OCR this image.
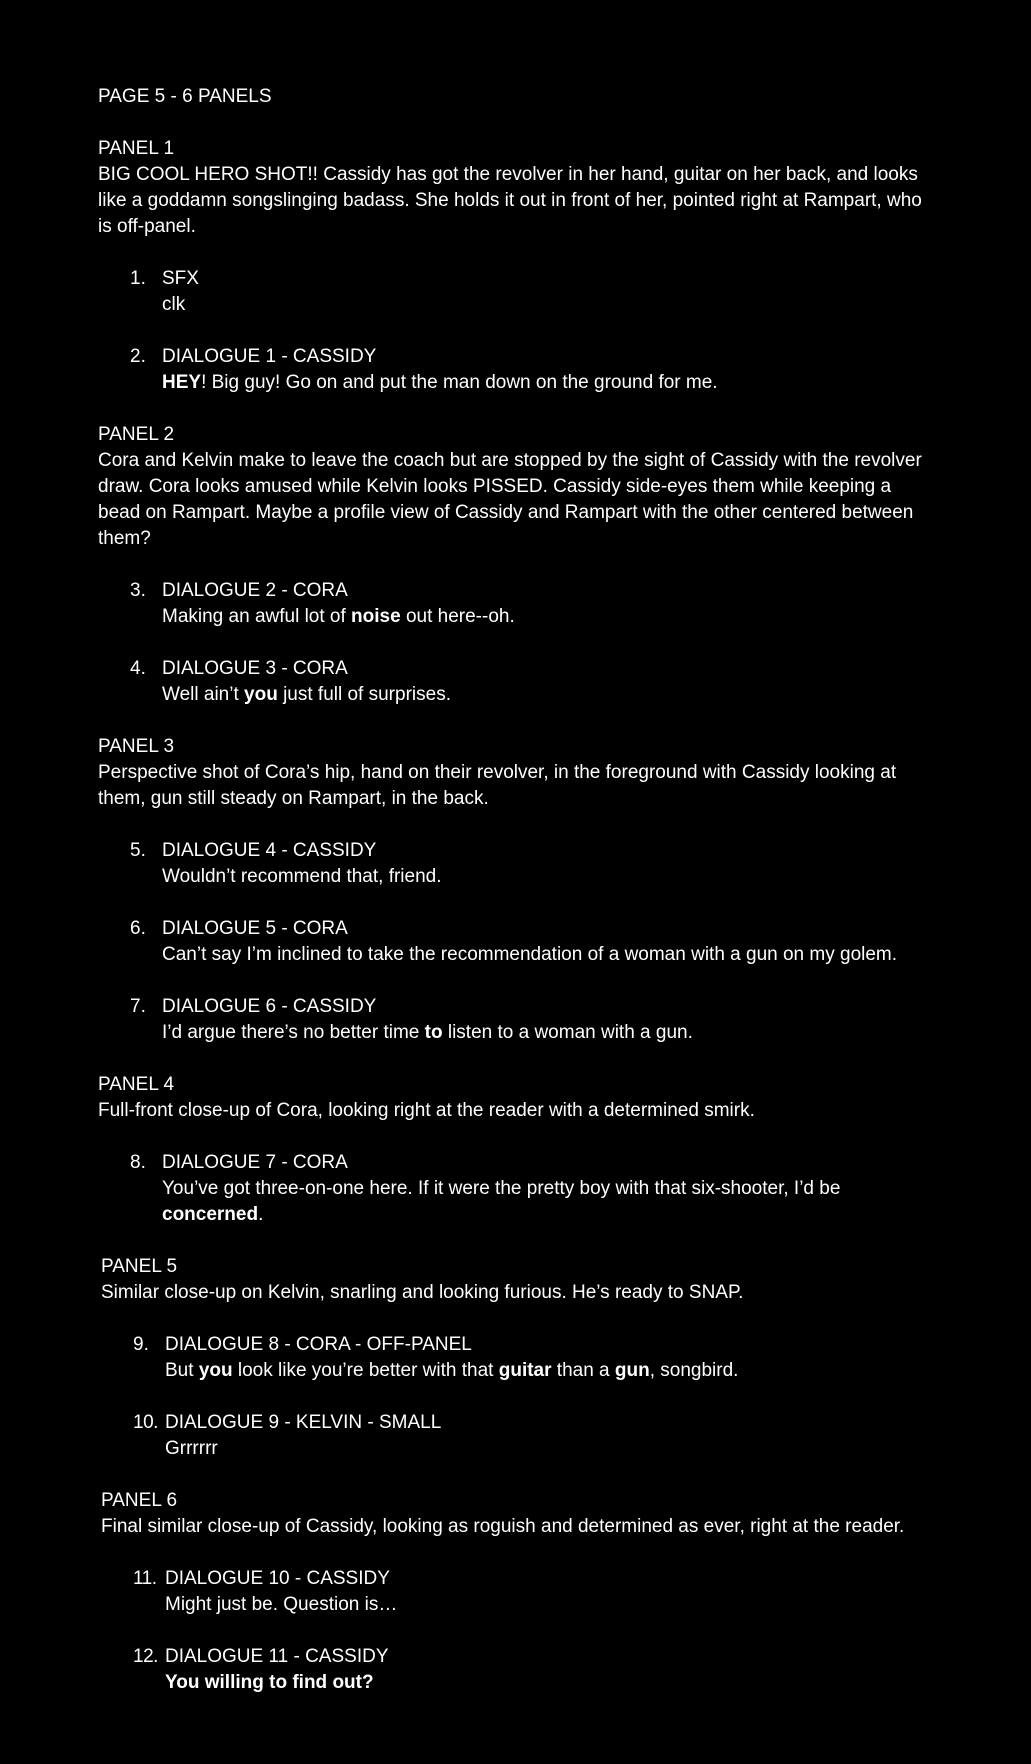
PAGE 5 - 6 PANELS
PANEL 1
BIG COOL HERO SHOT!! Cassidy has got the revolver in her hand, guitar on her back, and looks like a goddamn songslinging badass. She holds it out in front of her, pointed right at Rampart, who is off-panel.
1. SFX
clk
2. DIALOGUE 1 - CASSIDY
HEY! Big guy! Go on and put the man down on the ground for me.
PANEL 2
Cora and Kelvin make to leave the coach but are stopped by the sight of Cassidy with the revolver draw. Cora looks amused while Kelvin looks PISSED. Cassidy side-eyes them while keeping a bead on Rampart. Maybe a profile view of Cassidy and Rampart with the other centered between them?
3. DIALOGUE 2 - CORA
Making an awful lot of noise out here--oh.
4. DIALOGUE 3 - CORA
Well ain’t you just full of surprises.
PANEL 3
Perspective shot of Cora’s hip, hand on their revolver, in the foreground with Cassidy looking at them, gun still steady on Rampart, in the back.
5. DIALOGUE 4 - CASSIDY
Wouldn’t recommend that, friend.
6. DIALOGUE 5 - CORA
Can’t say I’m inclined to take the recommendation of a woman with a gun on my golem.
7. DIALOGUE 6 - CASSIDY
I’d argue there’s no better time to listen to a woman with a gun.
PANEL 4
Full-front close-up of Cora, looking right at the reader with a determined smirk.
8. DIALOGUE 7 - CORA
You’ve got three-on-one here. If it were the pretty boy with that six-shooter, I’d be concerned.
PANEL 5
Similar close-up on Kelvin, snarling and looking furious. He’s ready to SNAP.
9. DIALOGUE 8 - CORA - OFF-PANEL
But you look like you’re better with that guitar than a gun, songbird.
10. DIALOGUE 9 - KELVIN - SMALL
Grrrrrr
PANEL 6
Final similar close-up of Cassidy, looking as roguish and determined as ever, right at the reader.
11. DIALOGUE 10 - CASSIDY
Might just be. Question is…
12. DIALOGUE 11 - CASSIDY
You willing to find out?
